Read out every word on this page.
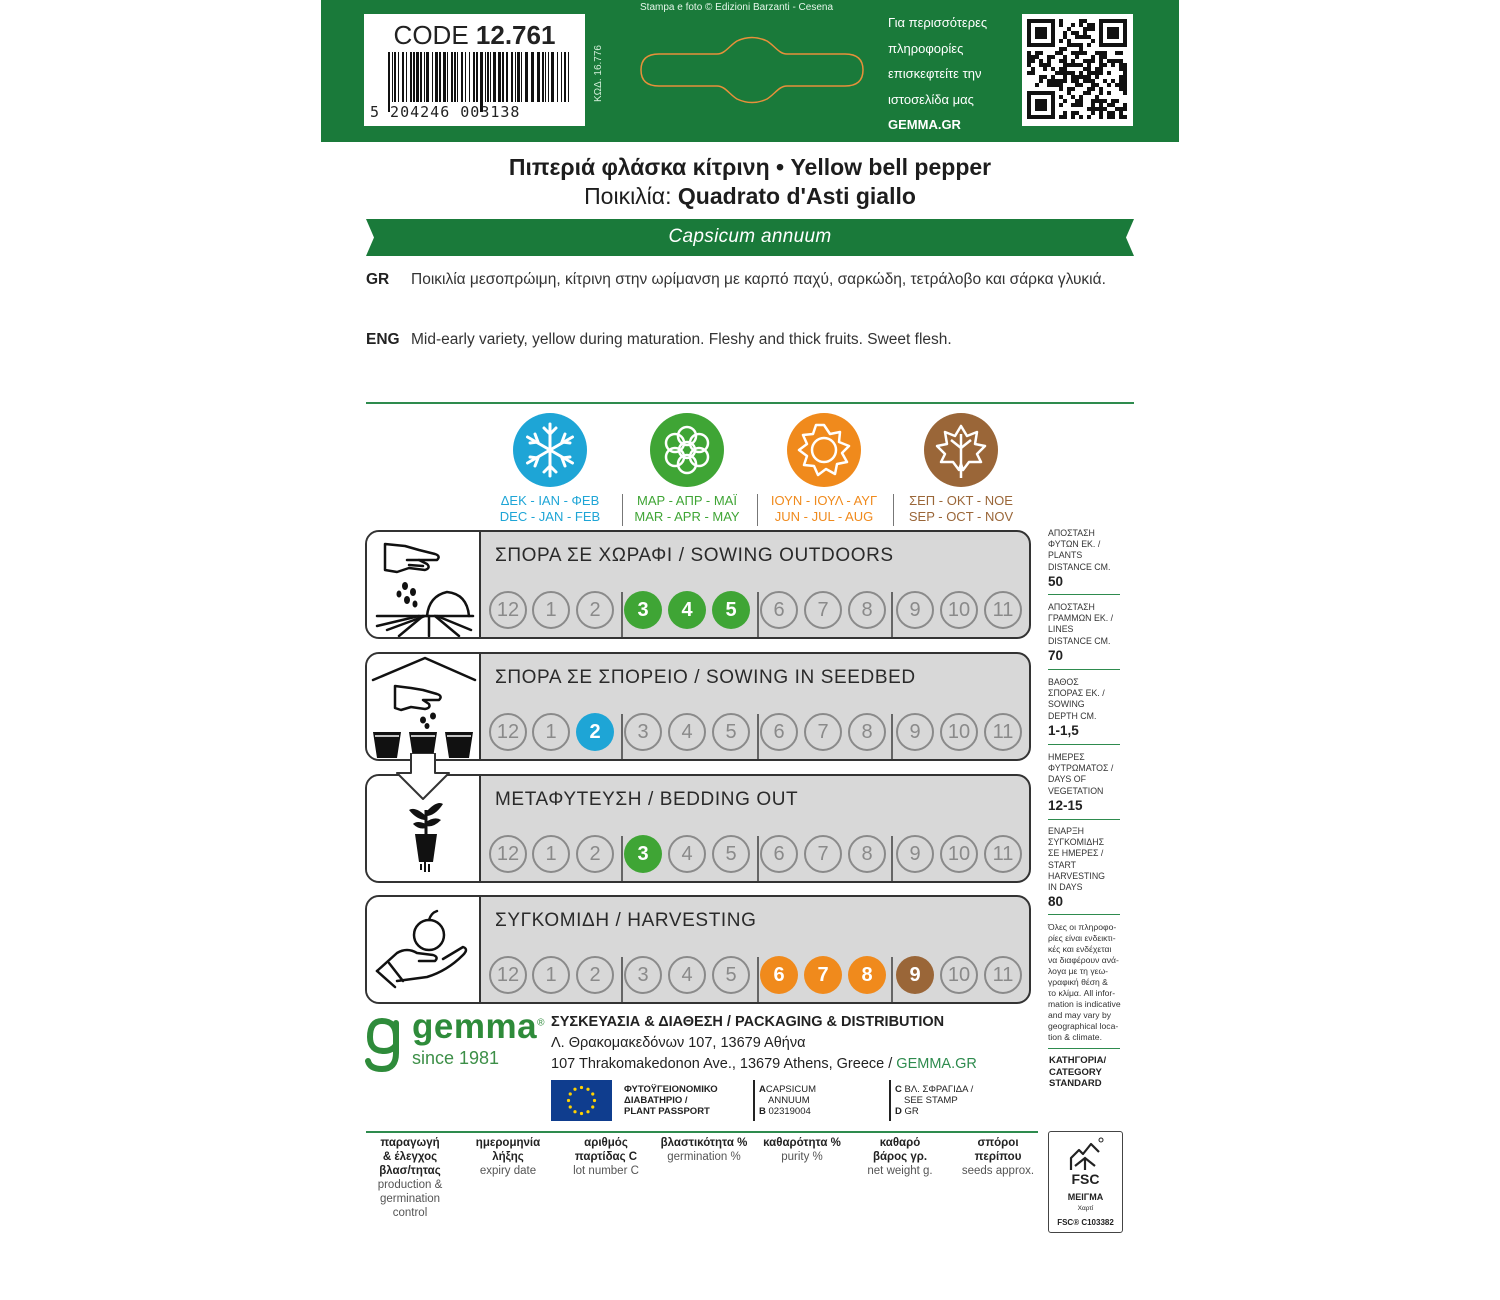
CODE 12.761
5 204246 003138
ΚΩΔ. 16.776
Stampa e foto © Edizioni Barzanti - Cesena
Για περισσότερες
πληροφορίες
επισκεφτείτε την
ιστοσελίδα μας
GEMMA.GR
Πιπεριά φλάσκα κίτρινη • Yellow bell pepper
Ποικιλία: Quadrato d'Asti giallo
Capsicum annuum
GR Ποικιλία μεσοπρώιμη, κίτρινη στην ωρίμανση με καρπό παχύ, σαρκώδη, τετράλοβο και σάρκα γλυκιά.
ENG Mid-early variety, yellow during maturation. Fleshy and thick fruits. Sweet flesh.
ΔΕΚ - ΙΑΝ - ΦΕΒ
DEC - JAN - FEB
ΜΑΡ - ΑΠΡ - ΜΑΪ
MAR - APR - MAY
ΙΟΥΝ - ΙΟΥΛ - ΑΥΓ
JUN - JUL - AUG
ΣΕΠ - ΟΚΤ - ΝΟΕ
SEP - OCT - NOV
ΣΠΟΡΑ ΣΕ ΧΩΡΑΦΙ / SOWING OUTDOORS
12	1	2	3	4	5	6	7	8	9	10	11
ΣΠΟΡΑ ΣΕ ΣΠΟΡΕΙΟ / SOWING IN SEEDBED
12	1	2	3	4	5	6	7	8	9	10	11
ΜΕΤΑΦΥΤΕΥΣΗ / BEDDING OUT
12	1	2	3	4	5	6	7	8	9	10	11
ΣΥΓΚΟΜΙΔΗ / HARVESTING
12	1	2	3	4	5	6	7	8	9	10	11
ΑΠΟΣΤΑΣΗ
ΦΥΤΩΝ ΕΚ. /
PLANTS
DISTANCE CM.
50
ΑΠΟΣΤΑΣΗ
ΓΡΑΜΜΩΝ ΕΚ. /
LINES
DISTANCE CM.
70
ΒΑΘΟΣ
ΣΠΟΡΑΣ ΕΚ. /
SOWING
DEPTH CM.
1-1,5
ΗΜΕΡΕΣ
ΦΥΤΡΩΜΑΤΟΣ /
DAYS OF
VEGETATION
12-15
ΕΝΑΡΞΗ
ΣΥΓΚΟΜΙΔΗΣ
ΣΕ ΗΜΕΡΕΣ /
START
HARVESTING
IN DAYS
80
Όλες οι πληροφο-
ρίες είναι ενδεικτι-
κές και ενδέχεται
να διαφέρουν ανά-
λογα με τη γεω-
γραφική θέση &
το κλίμα. All infor-
mation is indicative
and may vary by
geographical loca-
tion & climate.
ΚΑΤΗΓΟΡΙΑ/
CATEGORY
STANDARD
gemma®
since 1981
ΣΥΣΚΕΥΑΣΙΑ & ΔΙΑΘΕΣΗ / PACKAGING & DISTRIBUTION
Λ. Θρακομακεδόνων 107, 13679 Αθήνα
107 Thrakomakedonon Ave., 13679 Athens, Greece / GEMMA.GR
ΦΥΤΟΫΓΕΙΟΝΟΜΙΚΟ
ΔΙΑΒΑΤΗΡΙΟ /
PLANT PASSPORT
ACAPSICUM
ANNUUM
B 02319004
C ΒΛ. ΣΦΡΑΓΙΔΑ /
SEE STAMP
D GR
παραγωγή
& έλεγχος
βλασ/τητας
production &
germination
control
ημερομηνία
λήξης
expiry date
αριθμός
παρτίδας C
lot number C
βλαστικότητα %
germination %
καθαρότητα %
purity %
καθαρό
βάρος γρ.
net weight g.
σπόροι
περίπου
seeds approx.	FSC
ΜΕΙΓΜΑ
Χαρτί
FSC® C103382
